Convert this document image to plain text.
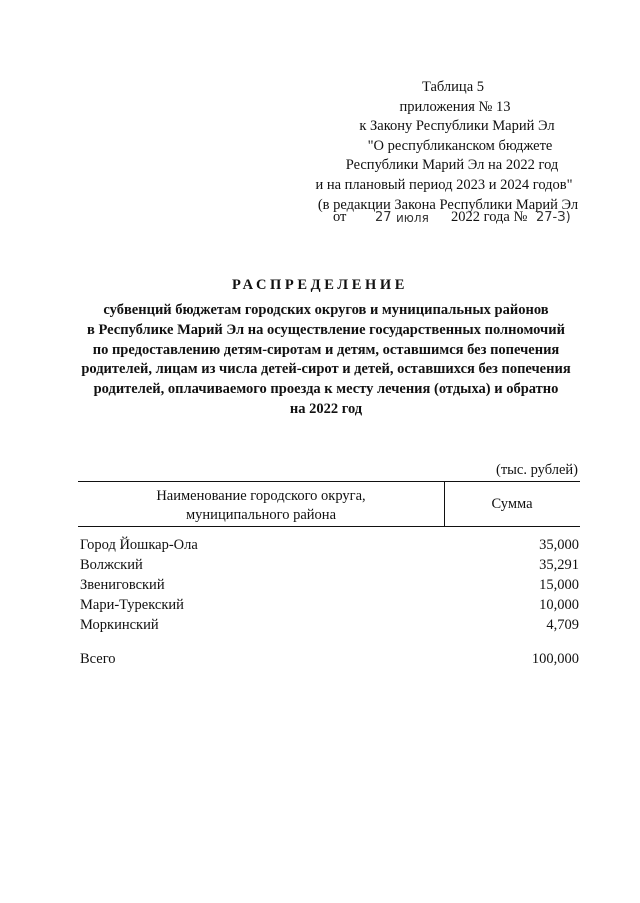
Таблица 5
приложения № 13
к Закону Республики Марий Эл
"О республиканском бюджете
Республики Марий Эл на 2022 год
и на плановый период 2023 и 2024 годов"
(в редакции Закона Республики Марий Эл
от 27 июля 2022 года № 27-З)
РАСПРЕДЕЛЕНИЕ
субвенций бюджетам городских округов и муниципальных районов
в Республике Марий Эл на осуществление государственных полномочий
по предоставлению детям-сиротам и детям, оставшимся без попечения
родителей, лицам из числа детей-сирот и детей, оставшихся без попечения
родителей, оплачиваемого проезда к месту лечения (отдыха) и обратно
на 2022 год
(тыс. рублей)
Наименование городского округа,
муниципального района
Сумма
Город Йошкар-Ола	35,000
Волжский	35,291
Звениговский	15,000
Мари-Турекский	10,000
Моркинский	4,709
Всего	100,000
